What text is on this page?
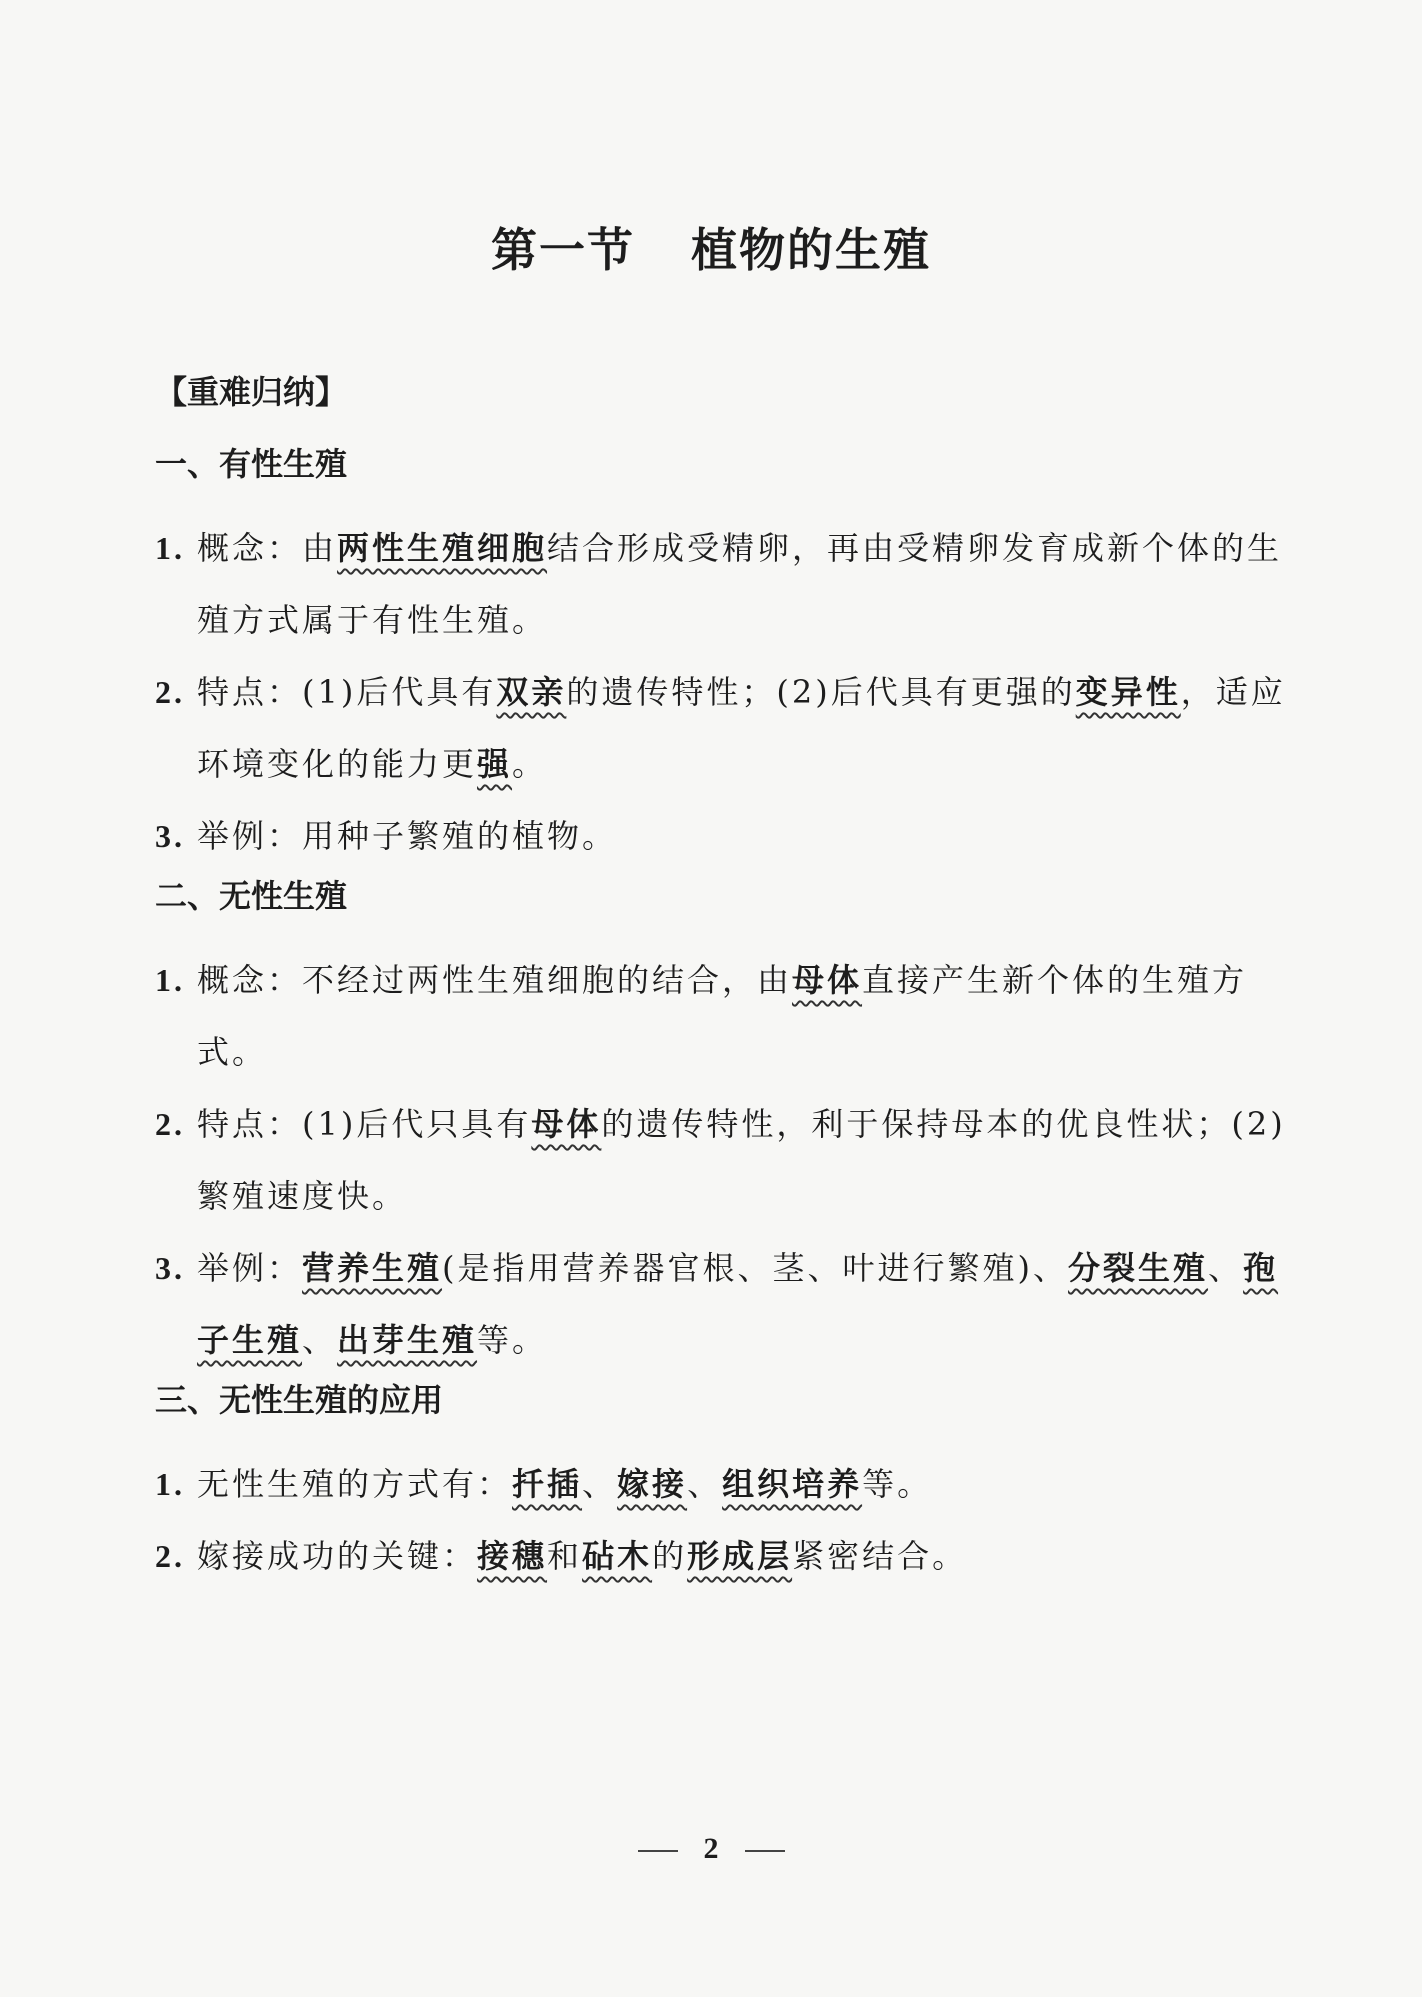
第一节 植物的生殖
【重难归纳】
一、有性生殖
1. 概念：由两性生殖细胞结合形成受精卵，再由受精卵发育成新个体的生殖方式属于有性生殖。
2. 特点：(1)后代具有双亲的遗传特性；(2)后代具有更强的变异性，适应环境变化的能力更强。
3. 举例：用种子繁殖的植物。
二、无性生殖
1. 概念：不经过两性生殖细胞的结合，由母体直接产生新个体的生殖方式。
2. 特点：(1)后代只具有母体的遗传特性，利于保持母本的优良性状；(2)繁殖速度快。
3. 举例：营养生殖(是指用营养器官根、茎、叶进行繁殖)、分裂生殖、孢子生殖、出芽生殖等。
三、无性生殖的应用
1. 无性生殖的方式有：扦插、嫁接、组织培养等。
2. 嫁接成功的关键：接穗和砧木的形成层紧密结合。
2
